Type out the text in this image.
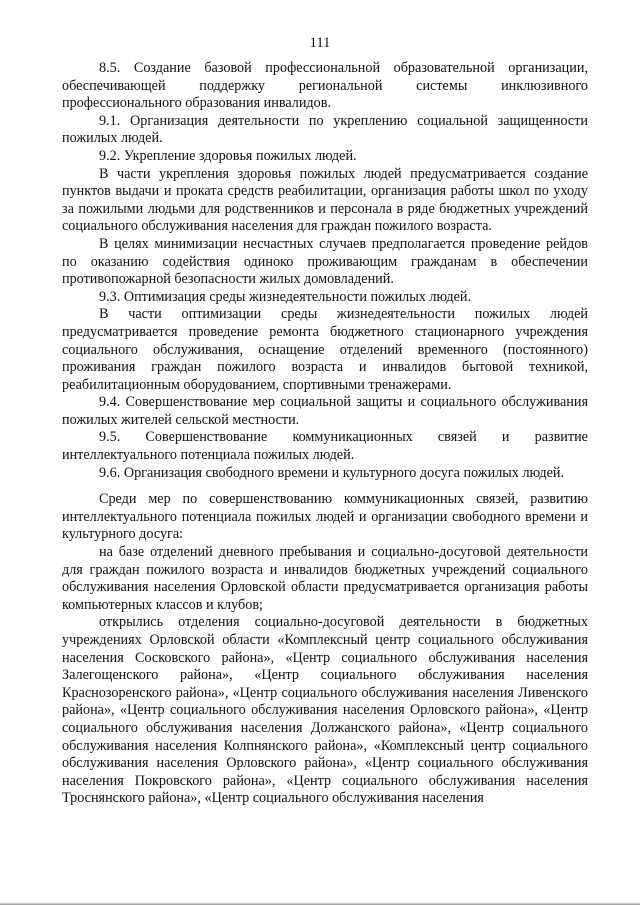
111

8.5. Создание базовой профессиональной образовательной организации, обеспечивающей поддержку региональной системы инклюзивного профессионального образования инвалидов.

9.1. Организация деятельности по укреплению социальной защищенности пожилых людей.

9.2. Укрепление здоровья пожилых людей.

В части укрепления здоровья пожилых людей предусматривается создание пунктов выдачи и проката средств реабилитации, организация работы школ по уходу за пожилыми людьми для родственников и персонала в ряде бюджетных учреждений социального обслуживания населения для граждан пожилого возраста.

В целях минимизации несчастных случаев предполагается проведение рейдов по оказанию содействия одиноко проживающим гражданам в обеспечении противопожарной безопасности жилых домовладений.

9.3. Оптимизация среды жизнедеятельности пожилых людей.

В части оптимизации среды жизнедеятельности пожилых людей предусматривается проведение ремонта бюджетного стационарного учреждения социального обслуживания, оснащение отделений временного (постоянного) проживания граждан пожилого возраста и инвалидов бытовой техникой, реабилитационным оборудованием, спортивными тренажерами.

9.4. Совершенствование мер социальной защиты и социального обслуживания пожилых жителей сельской местности.

9.5. Совершенствование коммуникационных связей и развитие интеллектуального потенциала пожилых людей.

9.6. Организация свободного времени и культурного досуга пожилых людей.

Среди мер по совершенствованию коммуникационных связей, развитию интеллектуального потенциала пожилых людей и организации свободного времени и культурного досуга:

на базе отделений дневного пребывания и социально-досуговой деятельности для граждан пожилого возраста и инвалидов бюджетных учреждений социального обслуживания населения Орловской области предусматривается организация работы компьютерных классов и клубов;

открылись отделения социально-досуговой деятельности в бюджетных учреждениях Орловской области «Комплексный центр социального обслуживания населения Сосковского района», «Центр социального обслуживания населения Залегощенского района», «Центр социального обслуживания населения Краснозоренского района», «Центр социального обслуживания населения Ливенского района», «Центр социального обслуживания населения Орловского района», «Центр социального обслуживания населения Должанского района», «Центр социального обслуживания населения Колпнянского района», «Комплексный центр социального обслуживания населения Орловского района», «Центр социального обслуживания населения Покровского района», «Центр социального обслуживания населения Троснянского района», «Центр социального обслуживания населения
